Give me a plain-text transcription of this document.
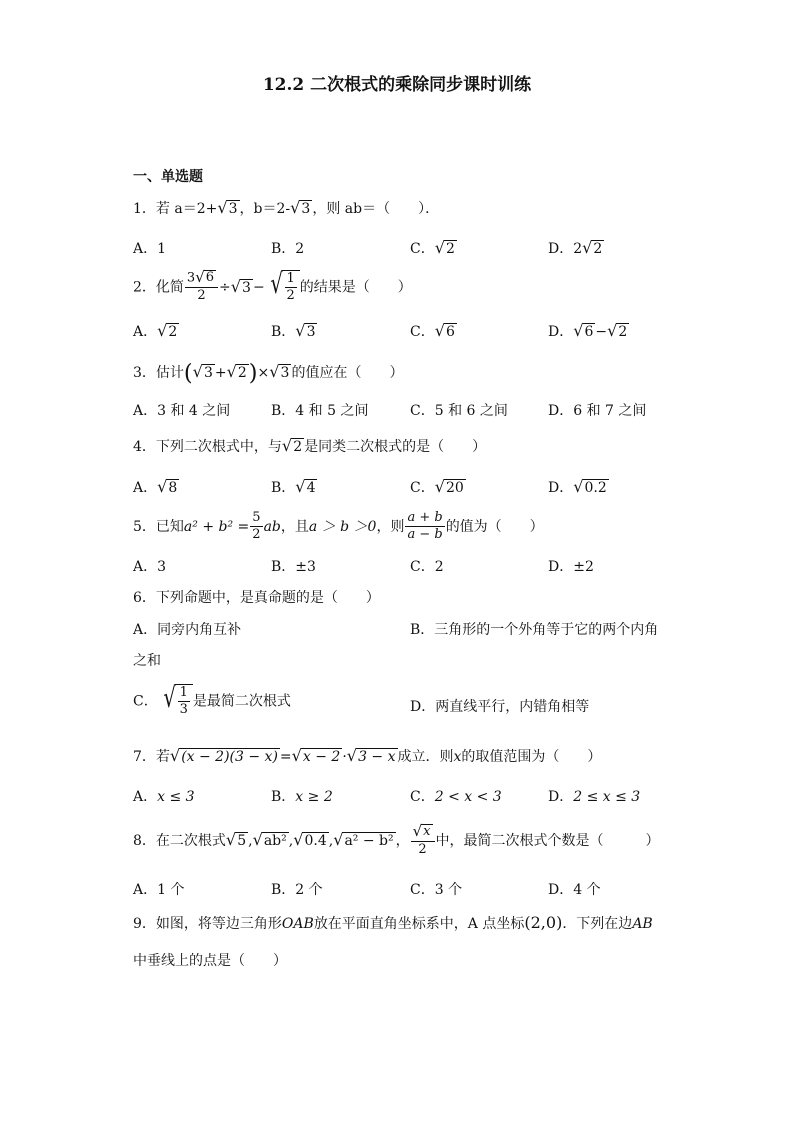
12.2 二次根式的乘除同步课时训练
一、单选题
1．若 a＝2+ √ 3 ，b＝2- √ 3 ，则 ab＝（　　）．
A．1	B．2	C． √ 2	D．2 √ 2
2．化简 $\frac{3 √ 6}{2}$ ÷ √ 3 − √ $\frac{1}{2}$ 的结果是（　　）
A． √ 2	B． √ 3	C． √ 6	D． √ 6 − √ 2
3．估计( √ 3 + √ 2 )× √ 3 的值应在（　　）
A．3 和 4 之间	B．4 和 5 之间	C．5 和 6 之间	D．6 和 7 之间
4．下列二次根式中，与 √ 2 是同类二次根式的是（　　）
A． √ 8	B． √ 4	C． √ 20	D． √ 0.2
5．已知$a^2 + b^2 = \frac{5}{2}$ ab，且a ＞ b ＞0，则 $\frac{a + b}{a - b}$ 的值为（　　）
A．3	B．±3	C．2	D．±2
6．下列命题中，是真命题的是（　　）
A．同旁内角互补	B．三角形的一个外角等于它的两个内角
之和
C． √ $\frac{1}{3}$ 是最简二次根式	D．两直线平行，内错角相等
7．若 √ (x − 2)(3 − x) = √ x − 2 · √ 3 − x 成立．则x的取值范围为（　　）
A．x ≤ 3	B．x ≥ 2	C．2 < x < 3	D．2 ≤ x ≤ 3
8．在二次根式 √ 5 , √ ab² , √ 0.4 , √ a² − b² ， $\frac{√ x}{2}$ 中，最简二次根式个数是（　　　）
A．1 个	B．2 个	C．3 个	D．4 个
9．如图，将等边三角形OAB放在平面直角坐标系中，A 点坐标(2,0)．下列在边AB
中垂线上的点是（　　）
